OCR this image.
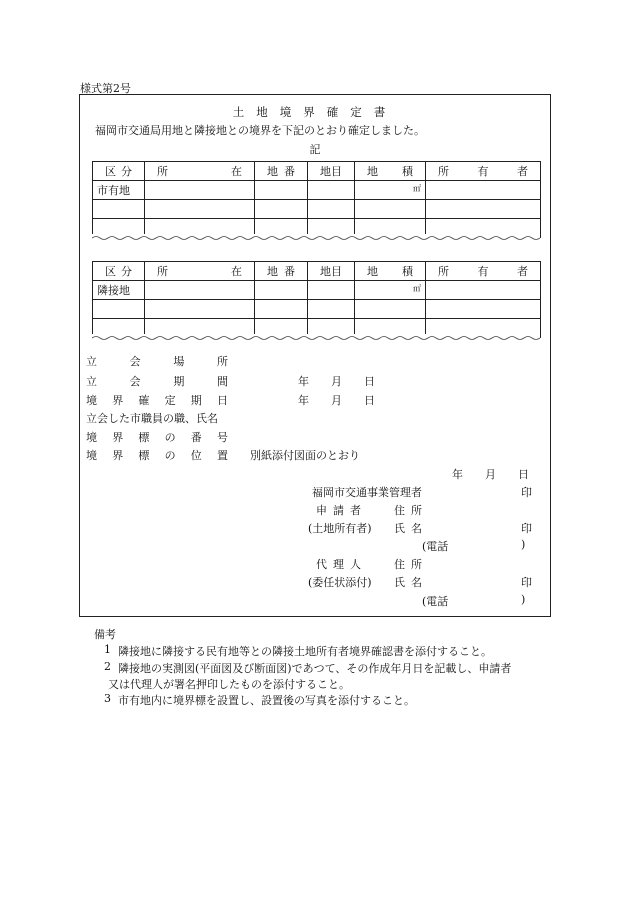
様式第2号
土地境界確定書
福岡市交通局用地と隣接地との境界を下記のとおり確定しました。
記
区分	所在	地番	地目	地積	所有者
市有地				㎡	

区分	所在	地番	地目	地積	所有者
隣接地				㎡	

立会場所
立会期間	年　　月　　日
境界確定期日	年　　月　　日
立会した市職員の職、氏名
境界標の番号
境界標の位置 別紙添付図面のとおり
年　　月　　日
福岡市交通事業管理者	印
申請者 住所
(土地所有者) 氏名	印
(電話	)
代理人 住所
(委任状添付) 氏名	印
(電話	)
備考
1 隣接地に隣接する民有地等との隣接土地所有者境界確認書を添付すること。
2 隣接地の実測図(平面図及び断面図)であつて、その作成年月日を記載し、申請者
又は代理人が署名押印したものを添付すること。
3 市有地内に境界標を設置し、設置後の写真を添付すること。
